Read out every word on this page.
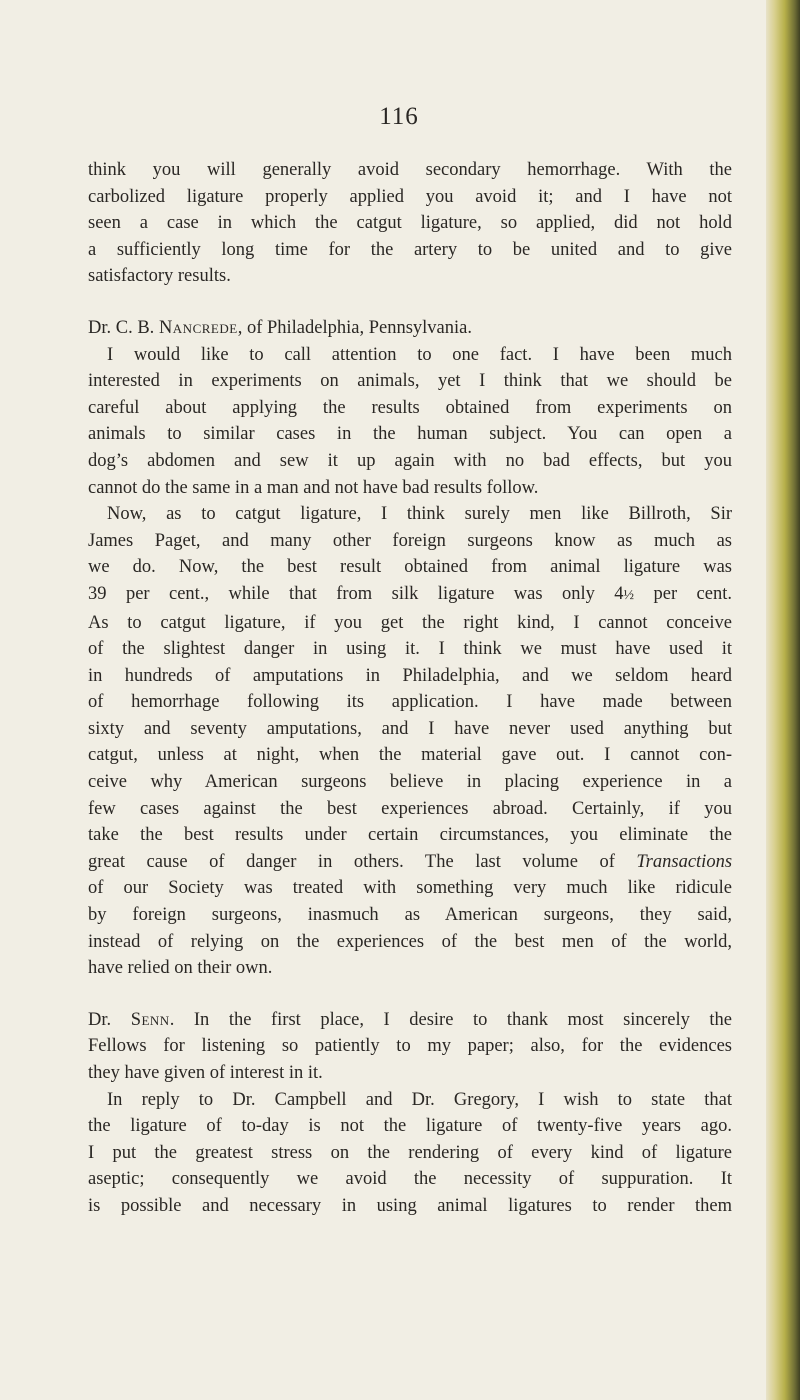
116

think you will generally avoid secondary hemorrhage. With the

carbolized ligature properly applied you avoid it; and I have not

seen a case in which the catgut ligature, so applied, did not hold

a sufficiently long time for the artery to be united and to give

satisfactory results.

Dr. C. B. Nancrede, of Philadelphia, Pennsylvania.

I would like to call attention to one fact. I have been much

interested in experiments on animals, yet I think that we should be

careful about applying the results obtained from experiments on

animals to similar cases in the human subject. You can open a

dog’s abdomen and sew it up again with no bad effects, but you

cannot do the same in a man and not have bad results follow.

Now, as to catgut ligature, I think surely men like Billroth, Sir

James Paget, and many other foreign surgeons know as much as

we do. Now, the best result obtained from animal ligature was

39 per cent., while that from silk ligature was only 4½ per cent.

As to catgut ligature, if you get the right kind, I cannot conceive

of the slightest danger in using it. I think we must have used it

in hundreds of amputations in Philadelphia, and we seldom heard

of hemorrhage following its application. I have made between

sixty and seventy amputations, and I have never used anything but

catgut, unless at night, when the material gave out. I cannot con-

ceive why American surgeons believe in placing experience in a

few cases against the best experiences abroad. Certainly, if you

take the best results under certain circumstances, you eliminate the

great cause of danger in others. The last volume of Transactions

of our Society was treated with something very much like ridicule

by foreign surgeons, inasmuch as American surgeons, they said,

instead of relying on the experiences of the best men of the world,

have relied on their own.

Dr. Senn. In the first place, I desire to thank most sincerely the

Fellows for listening so patiently to my paper; also, for the evidences

they have given of interest in it.

In reply to Dr. Campbell and Dr. Gregory, I wish to state that

the ligature of to-day is not the ligature of twenty-five years ago.

I put the greatest stress on the rendering of every kind of ligature

aseptic; consequently we avoid the necessity of suppuration. It

is possible and necessary in using animal ligatures to render them
